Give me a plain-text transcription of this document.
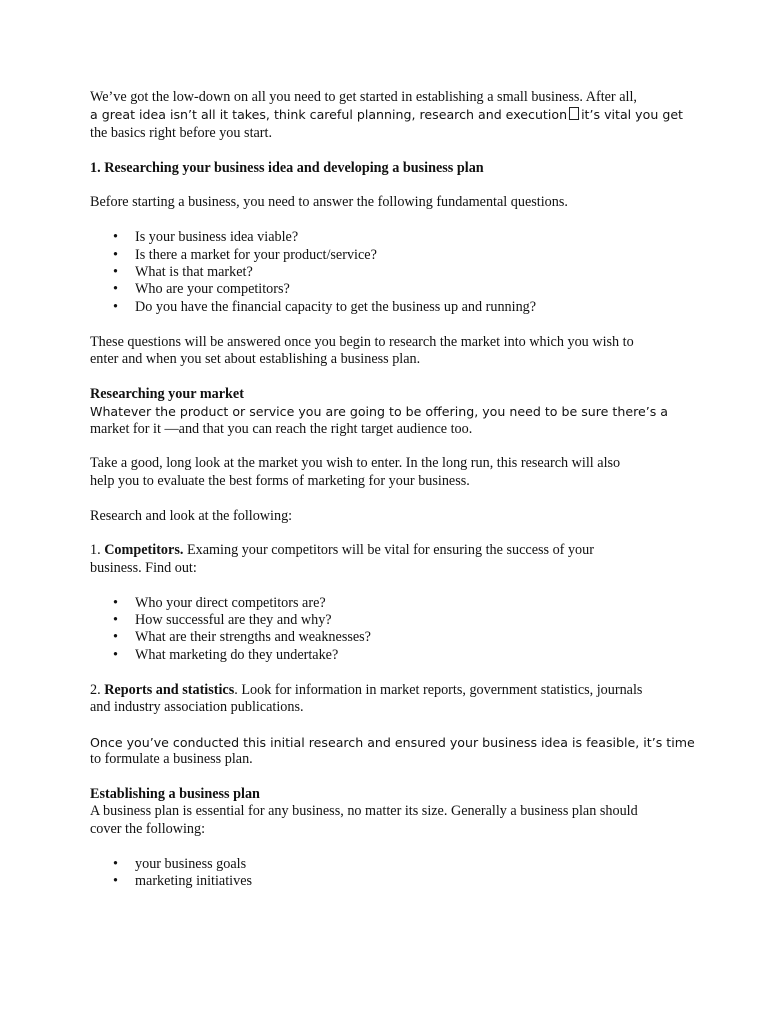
We’ve got the low-down on all you need to get started in establishing a small business. After all,
a great idea isn’t all it takes, think careful planning, research and execution it’s vital you get
the basics right before you start.
1. Researching your business idea and developing a business plan
Before starting a business, you need to answer the following fundamental questions.
• Is your business idea viable?
• Is there a market for your product/service?
• What is that market?
• Who are your competitors?
• Do you have the financial capacity to get the business up and running?
These questions will be answered once you begin to research the market into which you wish to
enter and when you set about establishing a business plan.
Researching your market
Whatever the product or service you are going to be offering, you need to be sure there’s a
market for it —and that you can reach the right target audience too.
Take a good, long look at the market you wish to enter. In the long run, this research will also
help you to evaluate the best forms of marketing for your business.
Research and look at the following:
1. Competitors. Examing your competitors will be vital for ensuring the success of your
business. Find out:
• Who your direct competitors are?
• How successful are they and why?
• What are their strengths and weaknesses?
• What marketing do they undertake?
2. Reports and statistics. Look for information in market reports, government statistics, journals
and industry association publications.
Once you’ve conducted this initial research and ensured your business idea is feasible, it’s time
to formulate a business plan.
Establishing a business plan
A business plan is essential for any business, no matter its size. Generally a business plan should
cover the following:
• your business goals
• marketing initiatives
